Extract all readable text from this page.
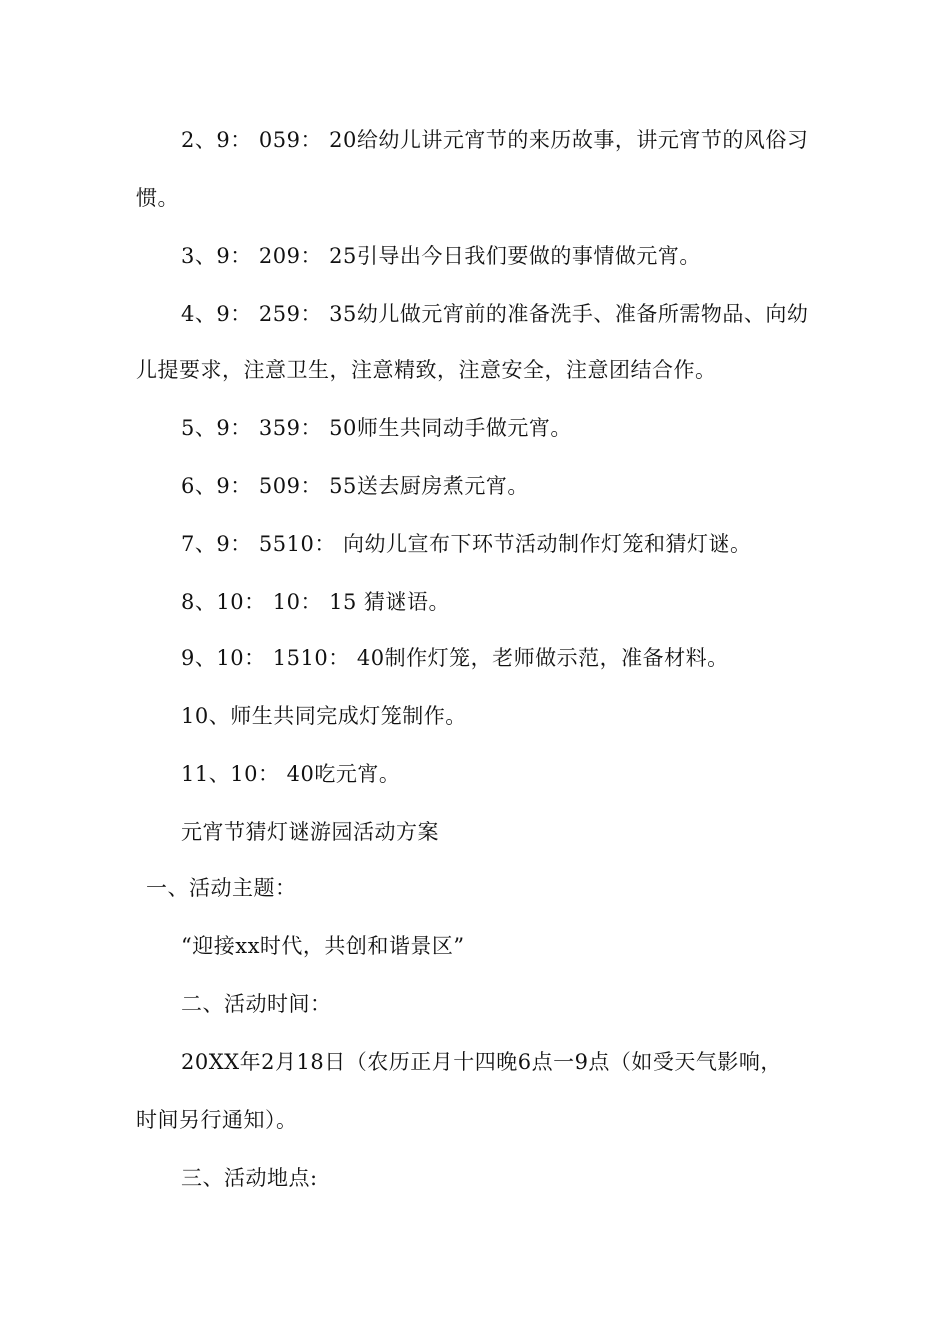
2、9： 059： 20给幼儿讲元宵节的来历故事，讲元宵节的风俗习
惯。
3、9： 209： 25引导出今日我们要做的事情做元宵。
4、9： 259： 35幼儿做元宵前的准备洗手、准备所需物品、向幼
儿提要求，注意卫生，注意精致，注意安全，注意团结合作。
5、9： 359： 50师生共同动手做元宵。
6、9： 509： 55送去厨房煮元宵。
7、9： 5510： 向幼儿宣布下环节活动制作灯笼和猜灯谜。
8、10： 10： 15 猜谜语。
9、10： 1510： 40制作灯笼，老师做示范，准备材料。
10、师生共同完成灯笼制作。
11、10： 40吃元宵。
元宵节猜灯谜游园活动方案
一、活动主题：
“迎接xx时代，共创和谐景区”
二、活动时间：
20XX年2月18日（农历正月十四晚6点一9点（如受天气影响，
时间另行通知）。
三、活动地点:
